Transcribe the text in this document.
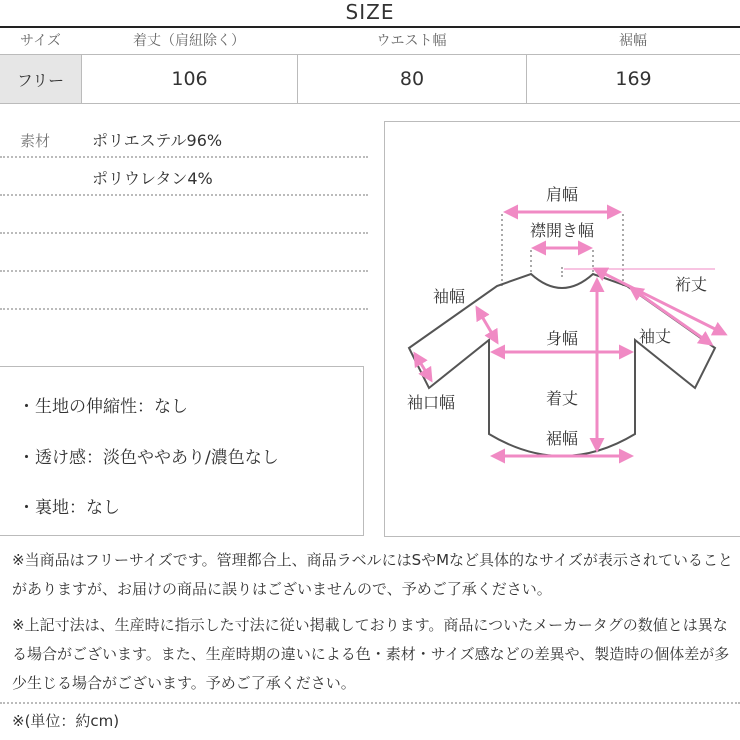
SIZE
サイズ	着丈（肩紐除く）	ウエスト幅	裾幅
フリー	106	80	169
素材	ポリエステル96%
ポリウレタン4%
・生地の伸縮性：なし
・透け感：淡色ややあり/濃色なし
・裏地：なし
肩幅
襟開き幅
袖幅
裄丈
袖丈
身幅
袖口幅	着丈
裾幅

※当商品はフリーサイズです。管理都合上、商品ラベルにはSやMなど具体的なサイズが表示されていることがありますが、お届けの商品に誤りはございませんので、予めご了承ください。

※上記寸法は、生産時に指示した寸法に従い掲載しております。商品についたメーカータグの数値とは異なる場合がございます。また、生産時期の違いによる色・素材・サイズ感などの差異や、製造時の個体差が多少生じる場合がございます。予めご了承ください。

※(単位：約cm)
